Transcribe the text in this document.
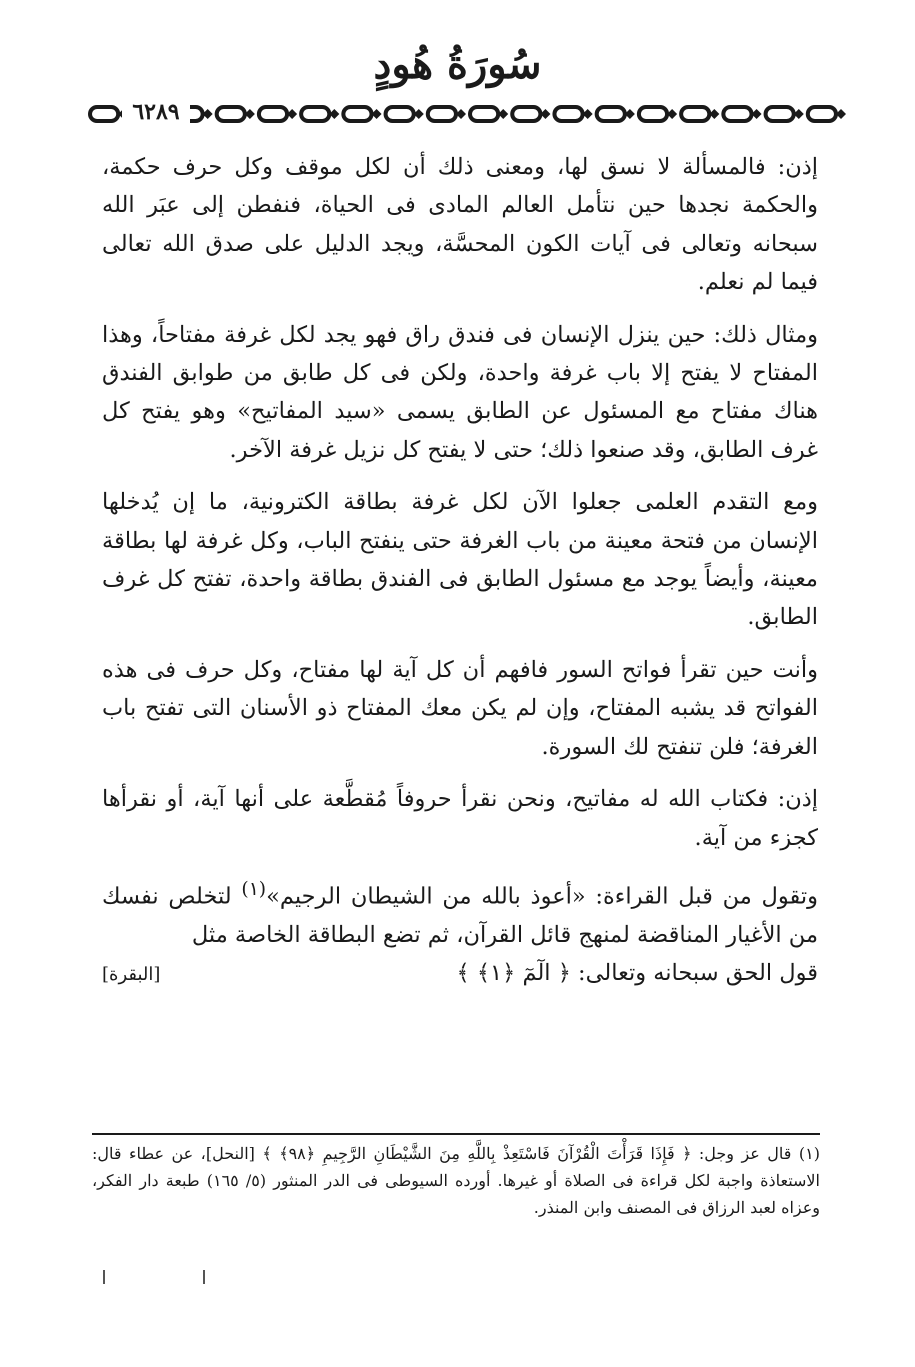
سُورَةُ هُودٍ
٦٢٨٩

إذن: فالمسألة لا نسق لها، ومعنى ذلك أن لكل موقف وكل حرف حكمة، والحكمة نجدها حين نتأمل العالم المادى فى الحياة، فنفطن إلى عبَر الله سبحانه وتعالى فى آيات الكون المحسَّة، ويجد الدليل على صدق الله تعالى فيما لم نعلم.

ومثال ذلك: حين ينزل الإنسان فى فندق راق فهو يجد لكل غرفة مفتاحاً، وهذا المفتاح لا يفتح إلا باب غرفة واحدة، ولكن فى كل طابق من طوابق الفندق هناك مفتاح مع المسئول عن الطابق يسمى «سيد المفاتيح» وهو يفتح كل غرف الطابق، وقد صنعوا ذلك؛ حتى لا يفتح كل نزيل غرفة الآخر.

ومع التقدم العلمى جعلوا الآن لكل غرفة بطاقة الكترونية، ما إن يُدخلها الإنسان من فتحة معينة من باب الغرفة حتى ينفتح الباب، وكل غرفة لها بطاقة معينة، وأيضاً يوجد مع مسئول الطابق فى الفندق بطاقة واحدة، تفتح كل غرف الطابق.

وأنت حين تقرأ فواتح السور فافهم أن كل آية لها مفتاح، وكل حرف فى هذه الفواتح قد يشبه المفتاح، وإن لم يكن معك المفتاح ذو الأسنان التى تفتح باب الغرفة؛ فلن تنفتح لك السورة.

إذن: فكتاب الله له مفاتيح، ونحن نقرأ حروفاً مُقطَّعة على أنها آية، أو نقرأها كجزء من آية.

وتقول من قبل القراءة: «أعوذ بالله من الشيطان الرجيم»$^{(١)}$ لتخلص نفسك من الأغيار المناقضة لمنهج قائل القرآن، ثم تضع البطاقة الخاصة مثل

قول الحق سبحانه وتعالى: ﴿ الٓمٓ ﴿١﴾ ﴾
[البقرة]

(١) قال عز وجل: ﴿ فَإِذَا قَرَأْتَ الْقُرْآنَ فَاسْتَعِذْ بِاللَّهِ مِنَ الشَّيْطَانِ الرَّجِيمِ ﴿٩٨﴾ ﴾ [النحل]، عن عطاء قال: الاستعاذة واجبة لكل قراءة فى الصلاة أو غيرها. أورده السيوطى فى الدر المنثور (٥/ ١٦٥) طبعة دار الفكر، وعزاه لعبد الرزاق فى المصنف وابن المنذر.
